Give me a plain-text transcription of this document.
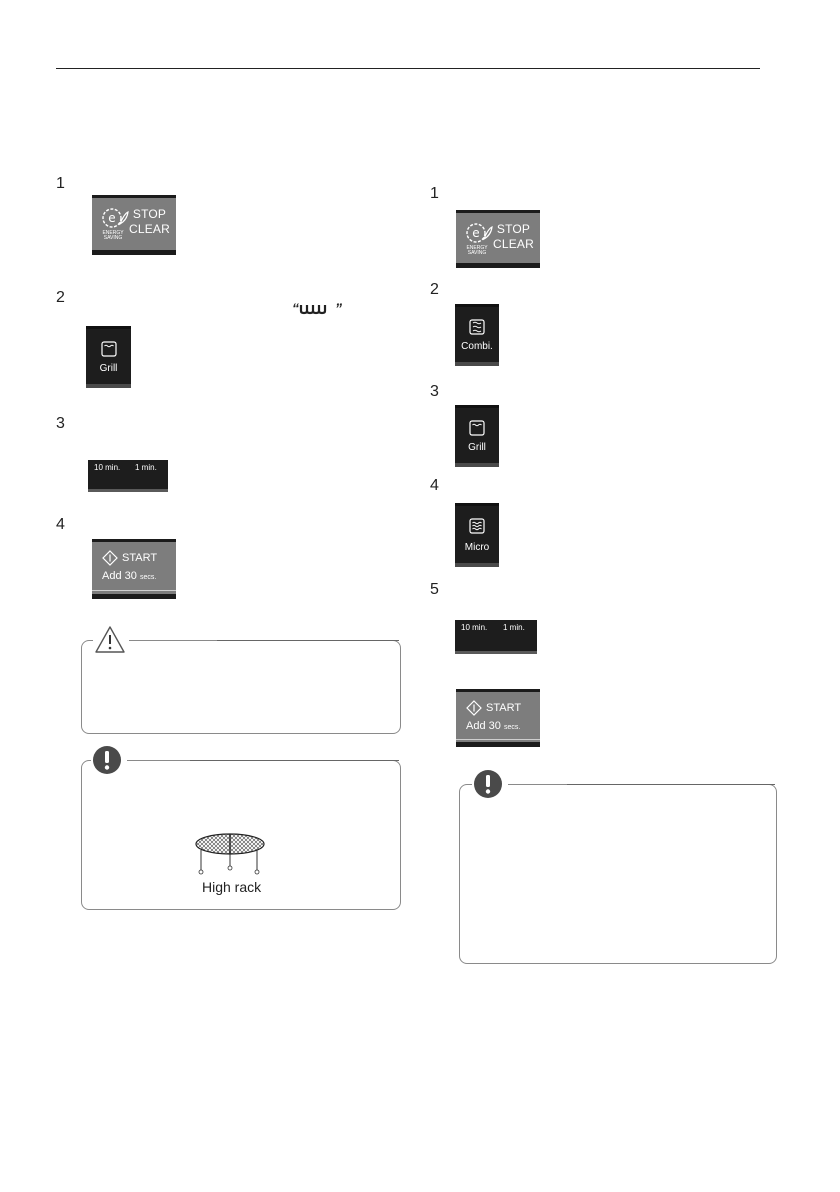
1
e
ENERGY SAVING
STOP
CLEAR
2
“	”
Grill
3
10 min. 1 min.
4
START
Add 30 secs.
High rack
1
e
ENERGY SAVING
STOP
CLEAR
2
Combi.
3
Grill
4
Micro
5
10 min. 1 min.
START
Add 30 secs.
